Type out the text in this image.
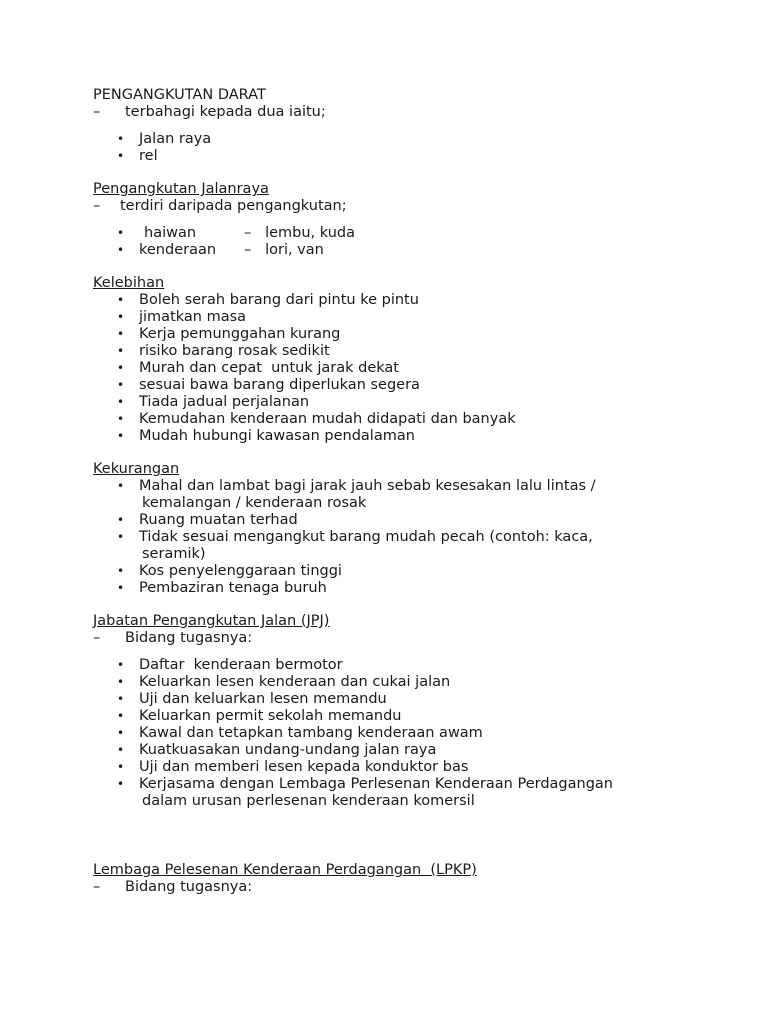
PENGANGKUTAN DARAT
– terbahagi kepada dua iaitu;
• Jalan raya
• rel
Pengangkutan Jalanraya
– terdiri daripada pengangkutan;
• haiwan	– lembu, kuda
• kenderaan – lori, van
Kelebihan
• Boleh serah barang dari pintu ke pintu
• jimatkan masa
• Kerja pemunggahan kurang
• risiko barang rosak sedikit
• Murah dan cepat  untuk jarak dekat
• sesuai bawa barang diperlukan segera
• Tiada jadual perjalanan
• Kemudahan kenderaan mudah didapati dan banyak
• Mudah hubungi kawasan pendalaman
Kekurangan
• Mahal dan lambat bagi jarak jauh sebab kesesakan lalu lintas /
kemalangan / kenderaan rosak
• Ruang muatan terhad
• Tidak sesuai mengangkut barang mudah pecah (contoh: kaca,
seramik)
• Kos penyelenggaraan tinggi
• Pembaziran tenaga buruh
Jabatan Pengangkutan Jalan (JPJ)
– Bidang tugasnya:
• Daftar  kenderaan bermotor
• Keluarkan lesen kenderaan dan cukai jalan
• Uji dan keluarkan lesen memandu
• Keluarkan permit sekolah memandu
• Kawal dan tetapkan tambang kenderaan awam
• Kuatkuasakan undang-undang jalan raya
• Uji dan memberi lesen kepada konduktor bas
• Kerjasama dengan Lembaga Perlesenan Kenderaan Perdagangan
dalam urusan perlesenan kenderaan komersil
Lembaga Pelesenan Kenderaan Perdagangan  (LPKP)
– Bidang tugasnya:
